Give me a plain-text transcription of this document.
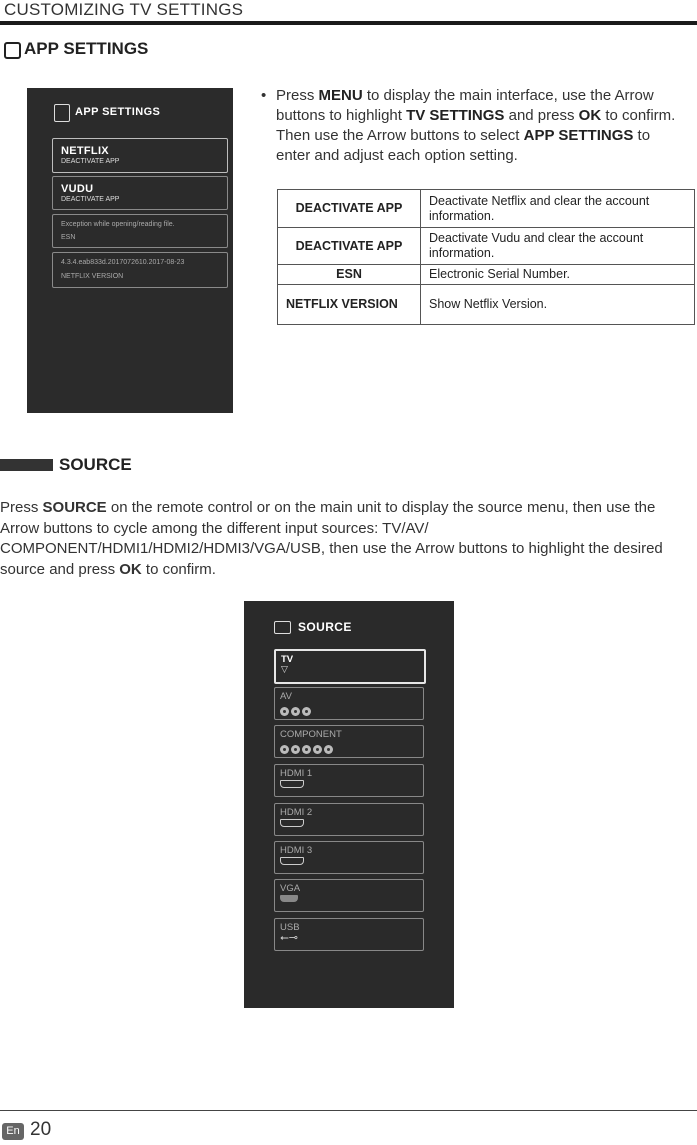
CUSTOMIZING TV SETTINGS
APP SETTINGS
APP SETTINGS
NETFLIX
DEACTIVATE APP
VUDU
DEACTIVATE APP
Exception while opening/reading file.
ESN
4.3.4.eab833d.2017072610.2017-08-23
NETFLIX VERSION
• Press MENU to display the main interface, use the Arrow buttons to highlight TV SETTINGS and press OK to confirm. Then use the Arrow buttons to select APP SETTINGS to enter and adjust each option setting.
DEACTIVATE APP	Deactivate Netflix and clear the account information.
DEACTIVATE APP	Deactivate Vudu and clear the account information.
ESN	Electronic Serial Number.
NETFLIX VERSION	Show Netflix Version.
SOURCE
Press SOURCE on the remote control or on the main unit to display the source menu, then use the Arrow buttons to cycle among the different input sources: TV/AV/ COMPONENT/HDMI1/HDMI2/HDMI3/VGA/USB, then use the Arrow buttons to highlight the desired source and press OK to confirm.
SOURCE
TV
▽
AV
COMPONENT
HDMI 1
HDMI 2
HDMI 3
VGA
USB
⭠⊸
En 20
